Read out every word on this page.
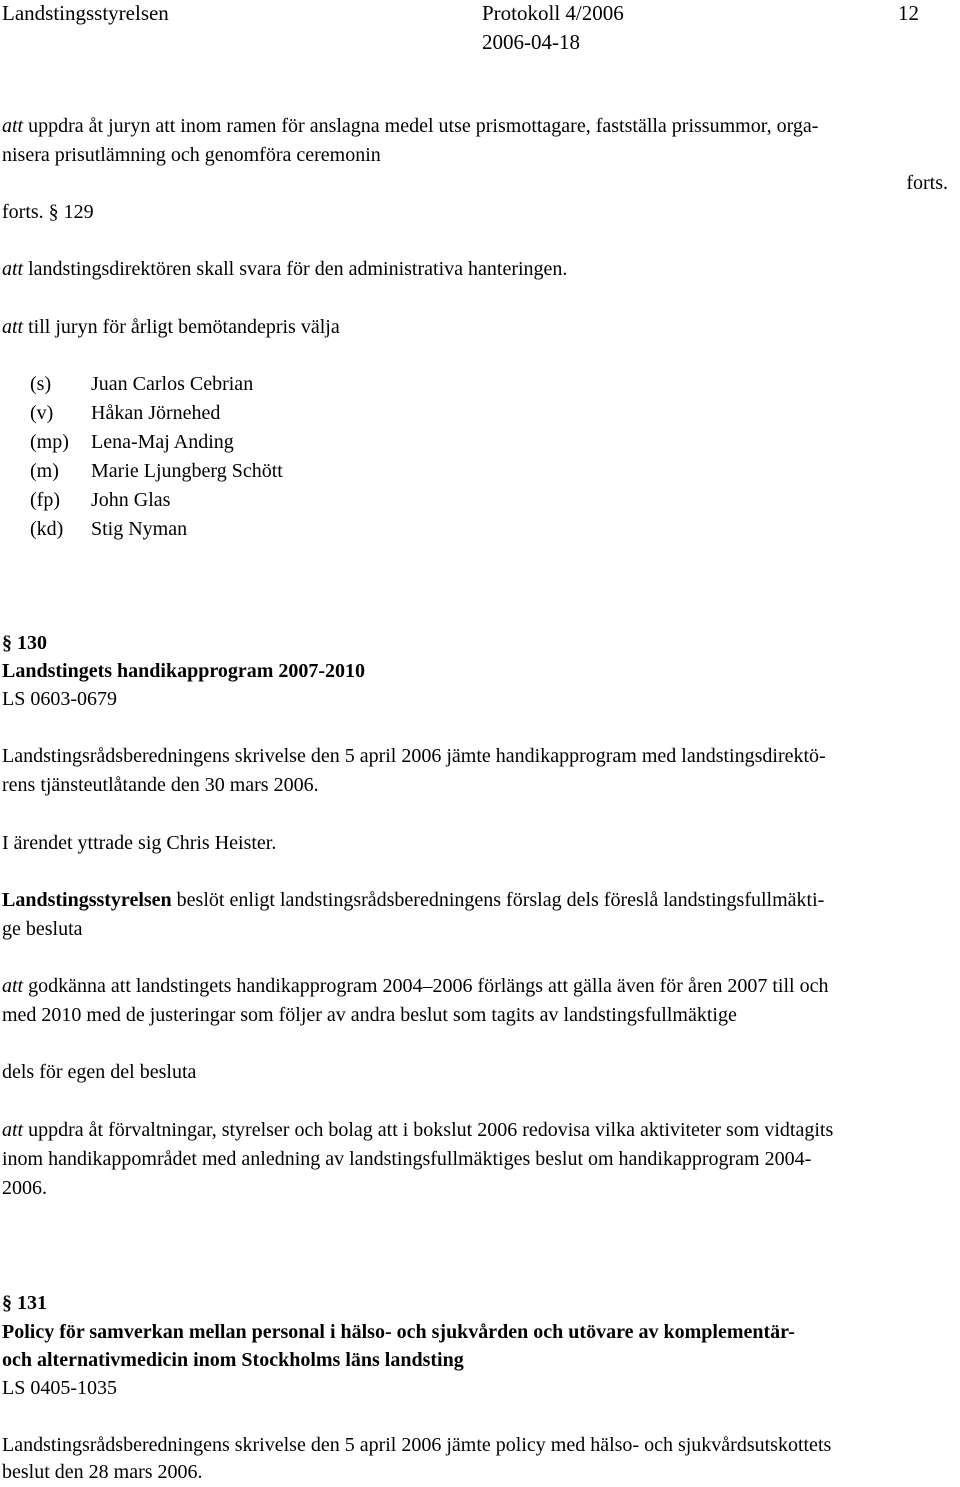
Landstingsstyrelsen	Protokoll 4/2006
2006-04-18
12
att uppdra åt juryn att inom ramen för anslagna medel utse prismottagare, fastställa prissummor, orga-
nisera prisutlämning och genomföra ceremonin
forts.
forts. § 129
att landstingsdirektören skall svara för den administrativa hanteringen.
att till juryn för årligt bemötandepris välja
(s)	Juan Carlos Cebrian
(v)	Håkan Jörnehed
(mp)	Lena-Maj Anding
(m)	Marie Ljungberg Schött
(fp)	John Glas
(kd)	Stig Nyman
§ 130
Landstingets handikapprogram 2007-2010
LS 0603-0679
Landstingsrådsberedningens skrivelse den 5 april 2006 jämte handikapprogram med landstingsdirektö-
rens tjänsteutlåtande den 30 mars 2006.
I ärendet yttrade sig Chris Heister.
Landstingsstyrelsen beslöt enligt landstingsrådsberedningens förslag dels föreslå landstingsfullmäkti-
ge besluta
att godkänna att landstingets handikapprogram 2004–2006 förlängs att gälla även för åren 2007 till och
med 2010 med de justeringar som följer av andra beslut som tagits av landstingsfullmäktige
dels för egen del besluta
att uppdra åt förvaltningar, styrelser och bolag att i bokslut 2006 redovisa vilka aktiviteter som vidtagits
inom handikappområdet med anledning av landstingsfullmäktiges beslut om handikapprogram 2004-
2006.
§ 131
Policy för samverkan mellan personal i hälso- och sjukvården och utövare av komplementär-
och alternativmedicin inom Stockholms läns landsting
LS 0405-1035
Landstingsrådsberedningens skrivelse den 5 april 2006 jämte policy med hälso- och sjukvårdsutskottets
beslut den 28 mars 2006.
